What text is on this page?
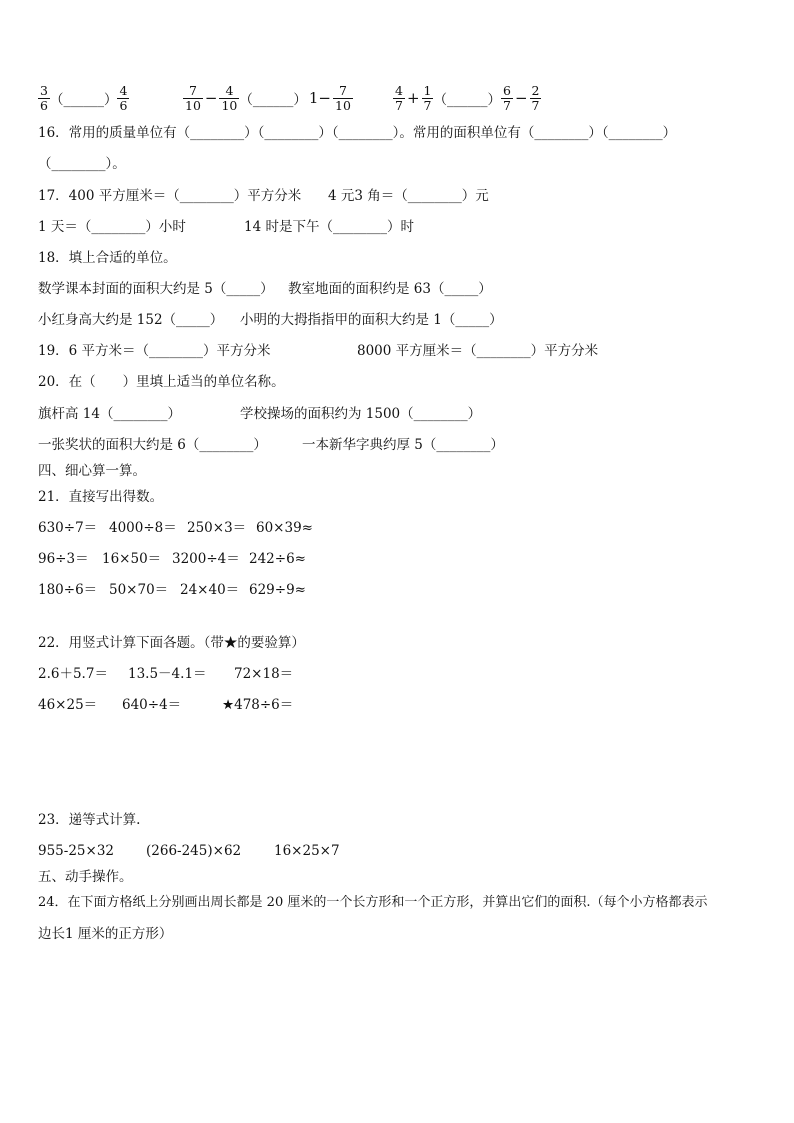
$\frac{3}{6}$ （______） $\frac{4}{6}$	$\frac{7}{10} - \frac{4}{10}$ （______） $1- \frac{7}{10}$	$\frac{4}{7} + \frac{1}{7}$ （______） $\frac{6}{7} - \frac{2}{7}$
16．常用的质量单位有（________）（________）（________）。常用的面积单位有（________）（________）
（________）。
17．400 平方厘米＝（________）平方分米 4 元3 角＝（________）元
1 天＝（________）小时	14 时是下午（________）时
18．填上合适的单位。
数学课本封面的面积大约是 5（_____） 教室地面的面积约是 63（_____）
小红身高大约是 152（_____） 小明的大拇指指甲的面积大约是 1（_____）
19．6 平方米＝（________）平方分米	8000 平方厘米＝（________）平方分米
20．在（　　）里填上适当的单位名称。
旗杆高 14（________）	学校操场的面积约为 1500（________）
一张奖状的面积大约是 6（________）	一本新华字典约厚 5（________）
四、细心算一算。
21．直接写出得数。
630÷7＝ 4000÷8＝ 250×3＝ 60×39≈
96÷3＝ 16×50＝ 3200÷4＝ 242÷6≈
180÷6＝ 50×70＝ 24×40＝ 629÷9≈
22．用竖式计算下面各题。（带★的要验算）
2.6＋5.7＝ 13.5－4.1＝ 72×18＝
46×25＝ 640÷4＝	★478÷6＝
23．递等式计算.
955-25×32 (266-245)×62 16×25×7
五、动手操作。
24．在下面方格纸上分别画出周长都是 20 厘米的一个长方形和一个正方形，并算出它们的面积.（每个小方格都表示
边长1 厘米的正方形）
